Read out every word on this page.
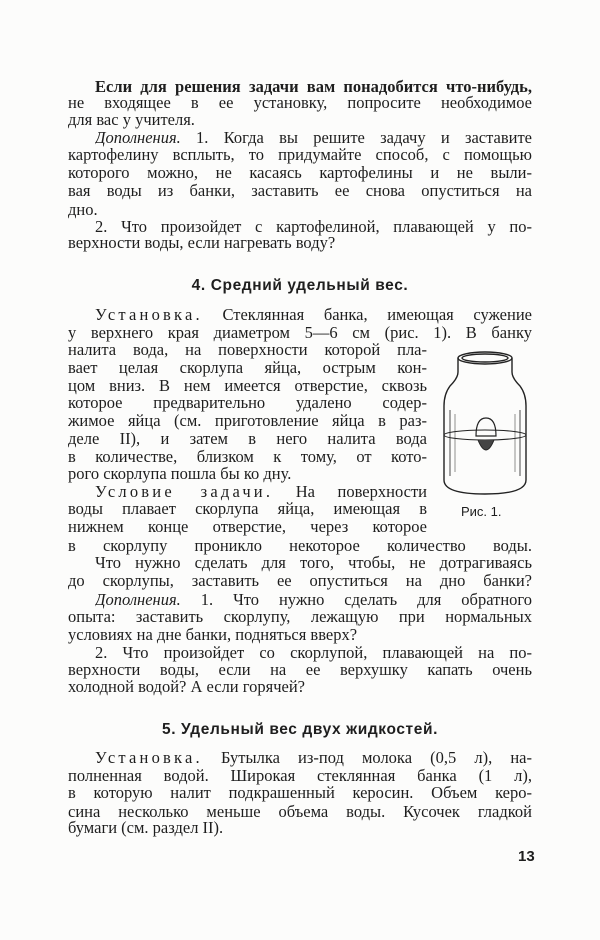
4. Средний удельный вес.
5. Удельный вес двух жидкостей.
Рис. 1.
13
Если для решения задачи вам понадобится что-нибудь,
не входящее в ее установку, попросите необходимое
для вас у учителя.
Дополнения. 1. Когда вы решите задачу и заставите
картофелину всплыть, то придумайте способ, с помощью
которого можно, не касаясь картофелины и не выли-
вая воды из банки, заставить ее снова опуститься на
дно.
2. Что произойдет с картофелиной, плавающей у по-
верхности воды, если нагревать воду?
Установка. Стеклянная банка, имеющая сужение
у верхнего края диаметром 5—6 см (рис. 1). В банку
налита вода, на поверхности которой пла-
вает целая скорлупа яйца, острым кон-
цом вниз. В нем имеется отверстие, сквозь
которое предварительно удалено содер-
жимое яйца (см. приготовление яйца в раз-
деле II), и затем в него налита вода
в количестве, близком к тому, от кото-
рого скорлупа пошла бы ко дну.
Условие задачи. На поверхности
воды плавает скорлупа яйца, имеющая в
нижнем конце отверстие, через которое
в скорлупу проникло некоторое количество воды.
Что нужно сделать для того, чтобы, не дотрагиваясь
до скорлупы, заставить ее опуститься на дно банки?
Дополнения. 1. Что нужно сделать для обратного
опыта: заставить скорлупу, лежащую при нормальных
условиях на дне банки, подняться вверх?
2. Что произойдет со скорлупой, плавающей на по-
верхности воды, если на ее верхушку капать очень
холодной водой? А если горячей?
Установка. Бутылка из-под молока (0,5 л), на-
полненная водой. Широкая стеклянная банка (1 л),
в которую налит подкрашенный керосин. Объем керо-
сина несколько меньше объема воды. Кусочек гладкой
бумаги (см. раздел II).
